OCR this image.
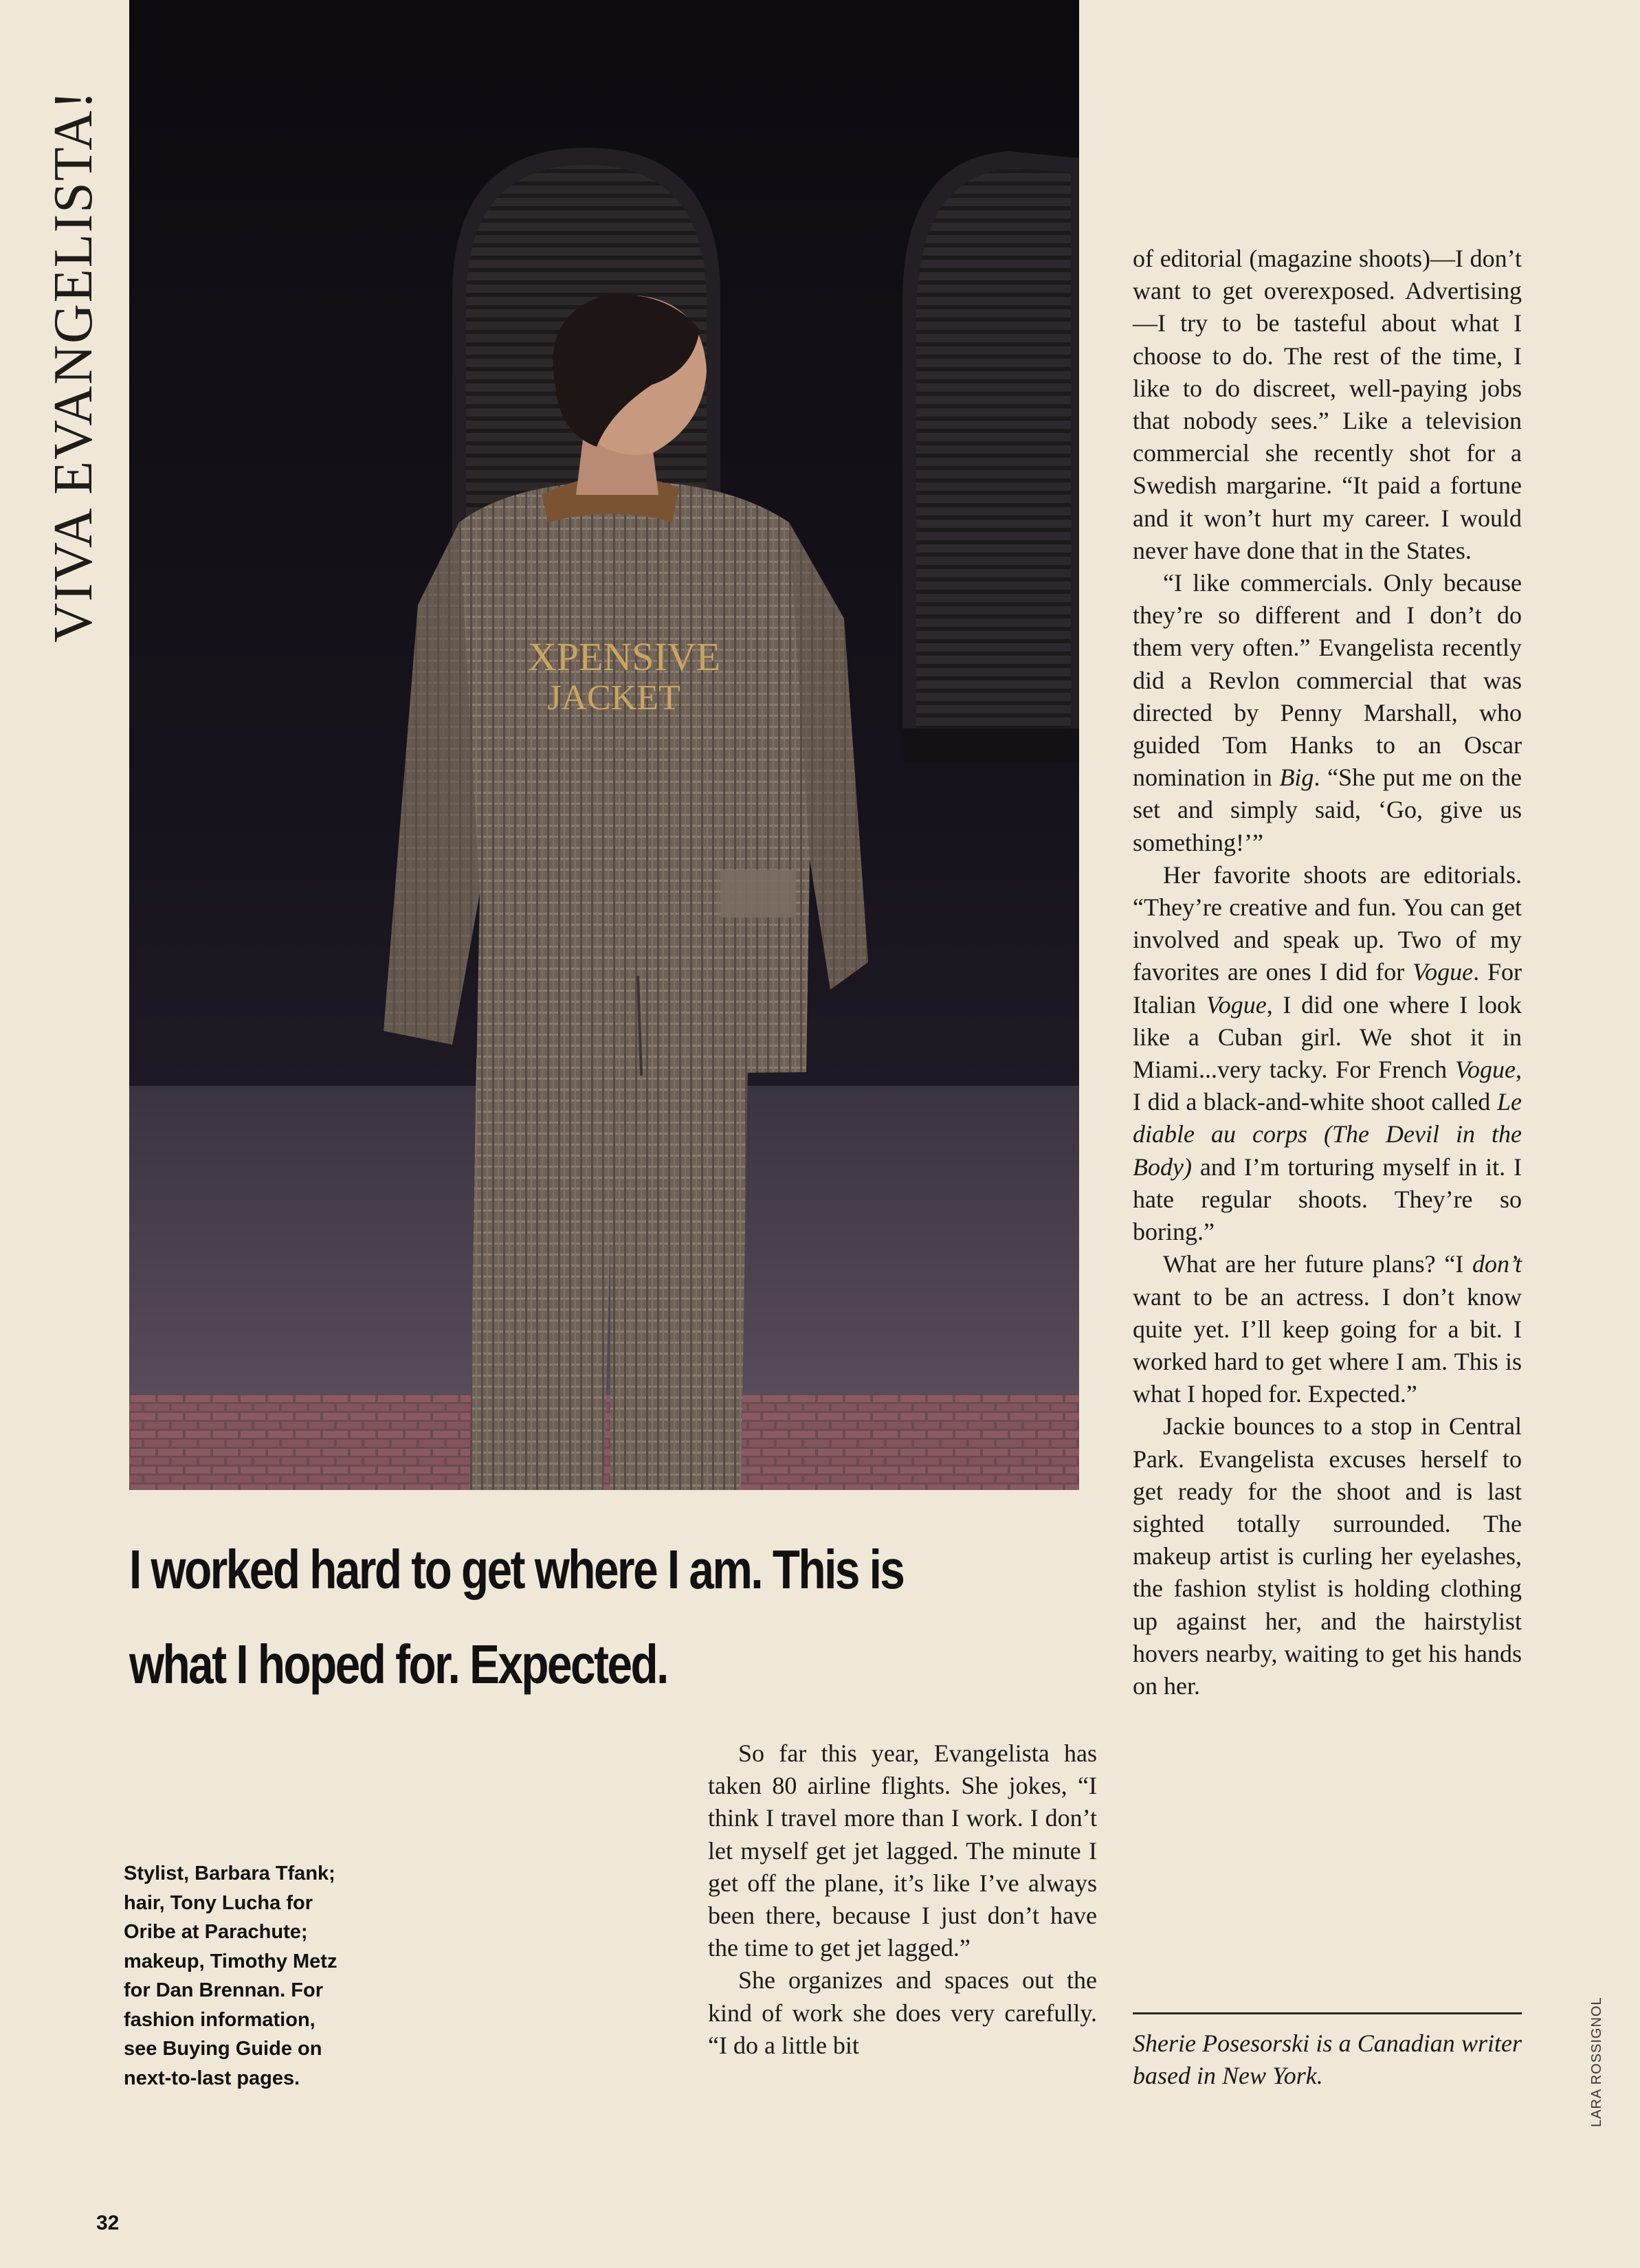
VIVA EVANGELISTA!
XPENSIVE
JACKET
I worked hard to get where I am. This is
what I hoped for. Expected.
Stylist, Barbara Tfank; hair, Tony Lucha for Oribe at Parachute; makeup, Timothy Metz for Dan Brennan. For fashion information, see Buying Guide on next-to-last pages.

So far this year, Evangelista has taken 80 airline flights. She jokes, “I think I travel more than I work. I don’t let myself get jet lagged. The minute I get off the plane, it’s like I’ve always been there, because I just don’t have the time to get jet lagged.”

She organizes and spaces out the kind of work she does very carefully. “I do a little bit

of editorial (magazine shoots)—I don’t want to get overexposed. Advertising—I try to be tasteful about what I choose to do. The rest of the time, I like to do discreet, well-paying jobs that nobody sees.” Like a television commercial she recently shot for a Swedish margarine. “It paid a fortune and it won’t hurt my career. I would never have done that in the States.

“I like commercials. Only because they’re so different and I don’t do them very often.” Evangelista recently did a Revlon commercial that was directed by Penny Marshall, who guided Tom Hanks to an Oscar nomination in Big. “She put me on the set and simply said, ‘Go, give us something!’”

Her favorite shoots are editorials. “They’re creative and fun. You can get involved and speak up. Two of my favorites are ones I did for Vogue. For Italian Vogue, I did one where I look like a Cuban girl. We shot it in Miami...very tacky. For French Vogue, I did a black-and-white shoot called Le diable au corps (The Devil in the Body) and I’m torturing myself in it. I hate regular shoots. They’re so boring.”

What are her future plans? “I don’t want to be an actress. I don’t know quite yet. I’ll keep going for a bit. I worked hard to get where I am. This is what I hoped for. Expected.”

Jackie bounces to a stop in Central Park. Evangelista excuses herself to get ready for the shoot and is last sighted totally surrounded. The makeup artist is curling her eyelashes, the fashion stylist is holding clothing up against her, and the hairstylist hovers nearby, waiting to get his hands on her.

Sherie Posesorski is a Canadian writer based in New York.	LARA ROSSIGNOL
32
